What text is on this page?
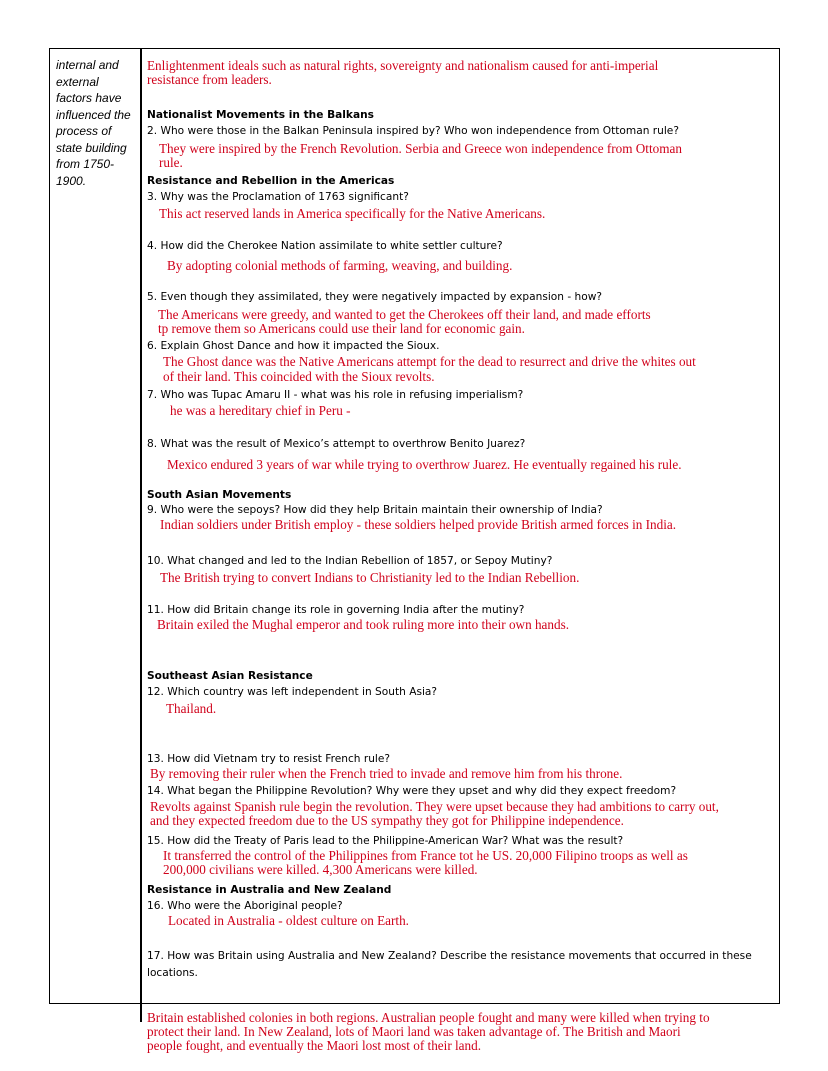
internal and
external
factors have
influenced the
process of
state building
from 1750-
1900.
Enlightenment ideals such as natural rights, sovereignty and nationalism caused for anti-imperial
resistance from leaders.
Nationalist Movements in the Balkans
2. Who were those in the Balkan Peninsula inspired by? Who won independence from Ottoman rule?
They were inspired by the French Revolution. Serbia and Greece won independence from Ottoman
rule.
Resistance and Rebellion in the Americas
3. Why was the Proclamation of 1763 significant?
This act reserved lands in America specifically for the Native Americans.
4. How did the Cherokee Nation assimilate to white settler culture?
By adopting colonial methods of farming, weaving, and building.
5. Even though they assimilated, they were negatively impacted by expansion - how?
The Americans were greedy, and wanted to get the Cherokees off their land, and made efforts
tp remove them so Americans could use their land for economic gain.
6. Explain Ghost Dance and how it impacted the Sioux.
The Ghost dance was the Native Americans attempt for the dead to resurrect and drive the whites out
of their land. This coincided with the Sioux revolts.
7. Who was Tupac Amaru II - what was his role in refusing imperialism?
he was a hereditary chief in Peru -
8. What was the result of Mexico’s attempt to overthrow Benito Juarez?
Mexico endured 3 years of war while trying to overthrow Juarez. He eventually regained his rule.
South Asian Movements
9. Who were the sepoys? How did they help Britain maintain their ownership of India?
Indian soldiers under British employ - these soldiers helped provide British armed forces in India.
10. What changed and led to the Indian Rebellion of 1857, or Sepoy Mutiny?
The British trying to convert Indians to Christianity led to the Indian Rebellion.
11. How did Britain change its role in governing India after the mutiny?
Britain exiled the Mughal emperor and took ruling more into their own hands.
Southeast Asian Resistance
12. Which country was left independent in South Asia?
Thailand.
13. How did Vietnam try to resist French rule?
By removing their ruler when the French tried to invade and remove him from his throne.
14. What began the Philippine Revolution? Why were they upset and why did they expect freedom?
Revolts against Spanish rule begin the revolution. They were upset because they had ambitions to carry out,
and they expected freedom due to the US sympathy they got for Philippine independence.
15. How did the Treaty of Paris lead to the Philippine-American War? What was the result?
It transferred the control of the Philippines from France tot he US. 20,000 Filipino troops as well as
200,000 civilians were killed. 4,300 Americans were killed.
Resistance in Australia and New Zealand
16. Who were the Aboriginal people?
Located in Australia - oldest culture on Earth.
17. How was Britain using Australia and New Zealand? Describe the resistance movements that occurred in these
locations.
Britain established colonies in both regions. Australian people fought and many were killed when trying to
protect their land. In New Zealand, lots of Maori land was taken advantage of. The British and Maori
people fought, and eventually the Maori lost most of their land.
